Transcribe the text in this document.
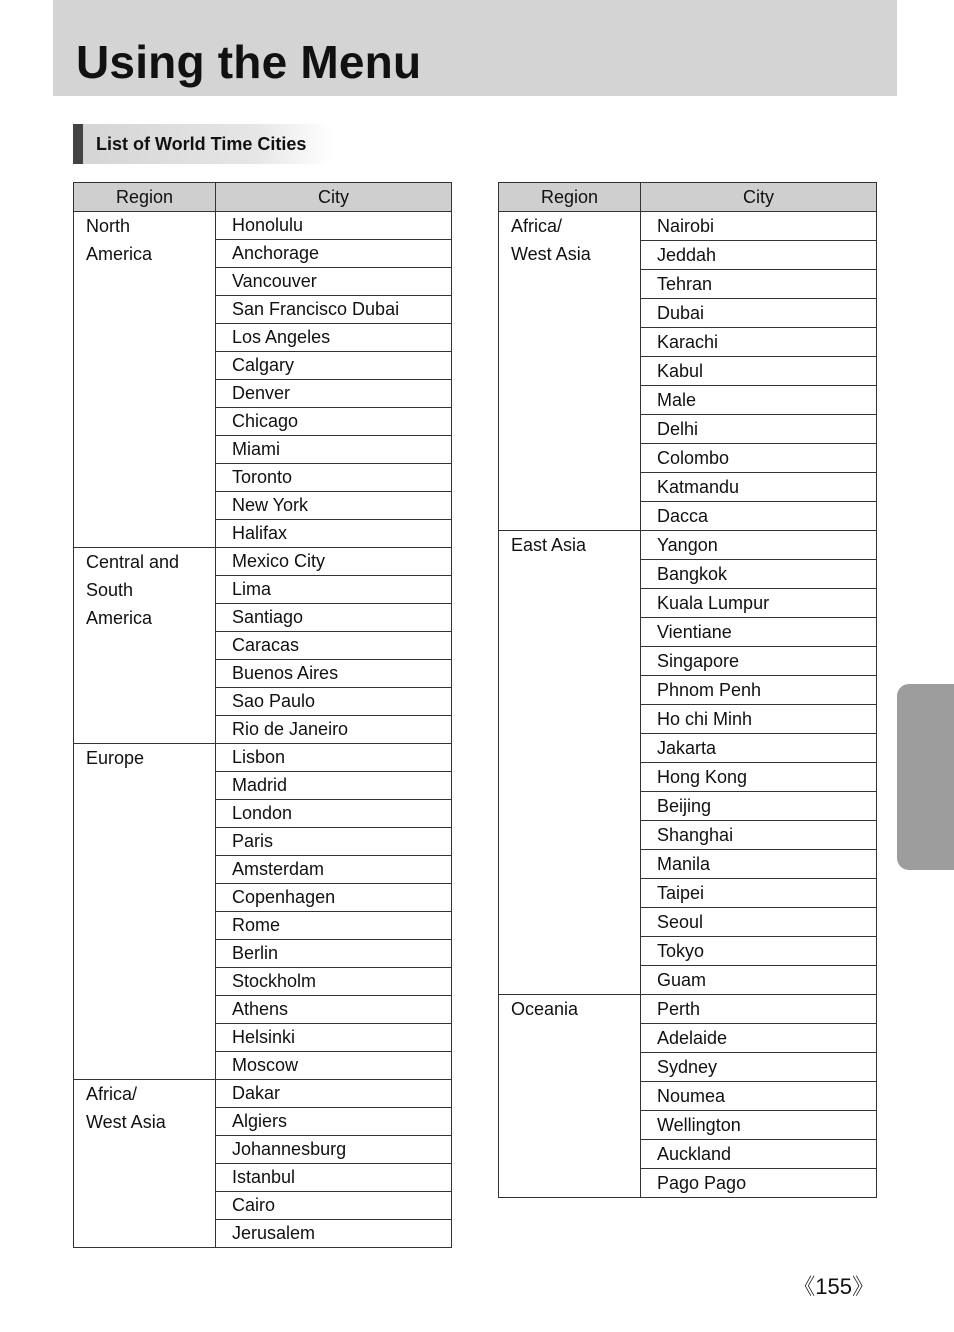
Using the Menu
List of World Time Cities
Region	City
North
America	Honolulu
	Anchorage
	Vancouver
	San Francisco Dubai
	Los Angeles
	Calgary
	Denver
	Chicago
	Miami
	Toronto
	New York
	Halifax
Central and
South
America	Mexico City
	Lima
	Santiago
	Caracas
	Buenos Aires
	Sao Paulo
	Rio de Janeiro
Europe	Lisbon
	Madrid
	London
	Paris
	Amsterdam
	Copenhagen
	Rome
	Berlin
	Stockholm
	Athens
	Helsinki
	Moscow
Africa/
West Asia	Dakar
	Algiers
	Johannesburg
	Istanbul
	Cairo
	Jerusalem
Region	City
Africa/
West Asia	Nairobi
	Jeddah
	Tehran
	Dubai
	Karachi
	Kabul
	Male
	Delhi
	Colombo
	Katmandu
	Dacca
East Asia	Yangon
	Bangkok
	Kuala Lumpur
	Vientiane
	Singapore
	Phnom Penh
	Ho chi Minh
	Jakarta
	Hong Kong
	Beijing
	Shanghai
	Manila
	Taipei
	Seoul
	Tokyo
	Guam
Oceania	Perth
	Adelaide
	Sydney
	Noumea
	Wellington
	Auckland
	Pago Pago
《155》
